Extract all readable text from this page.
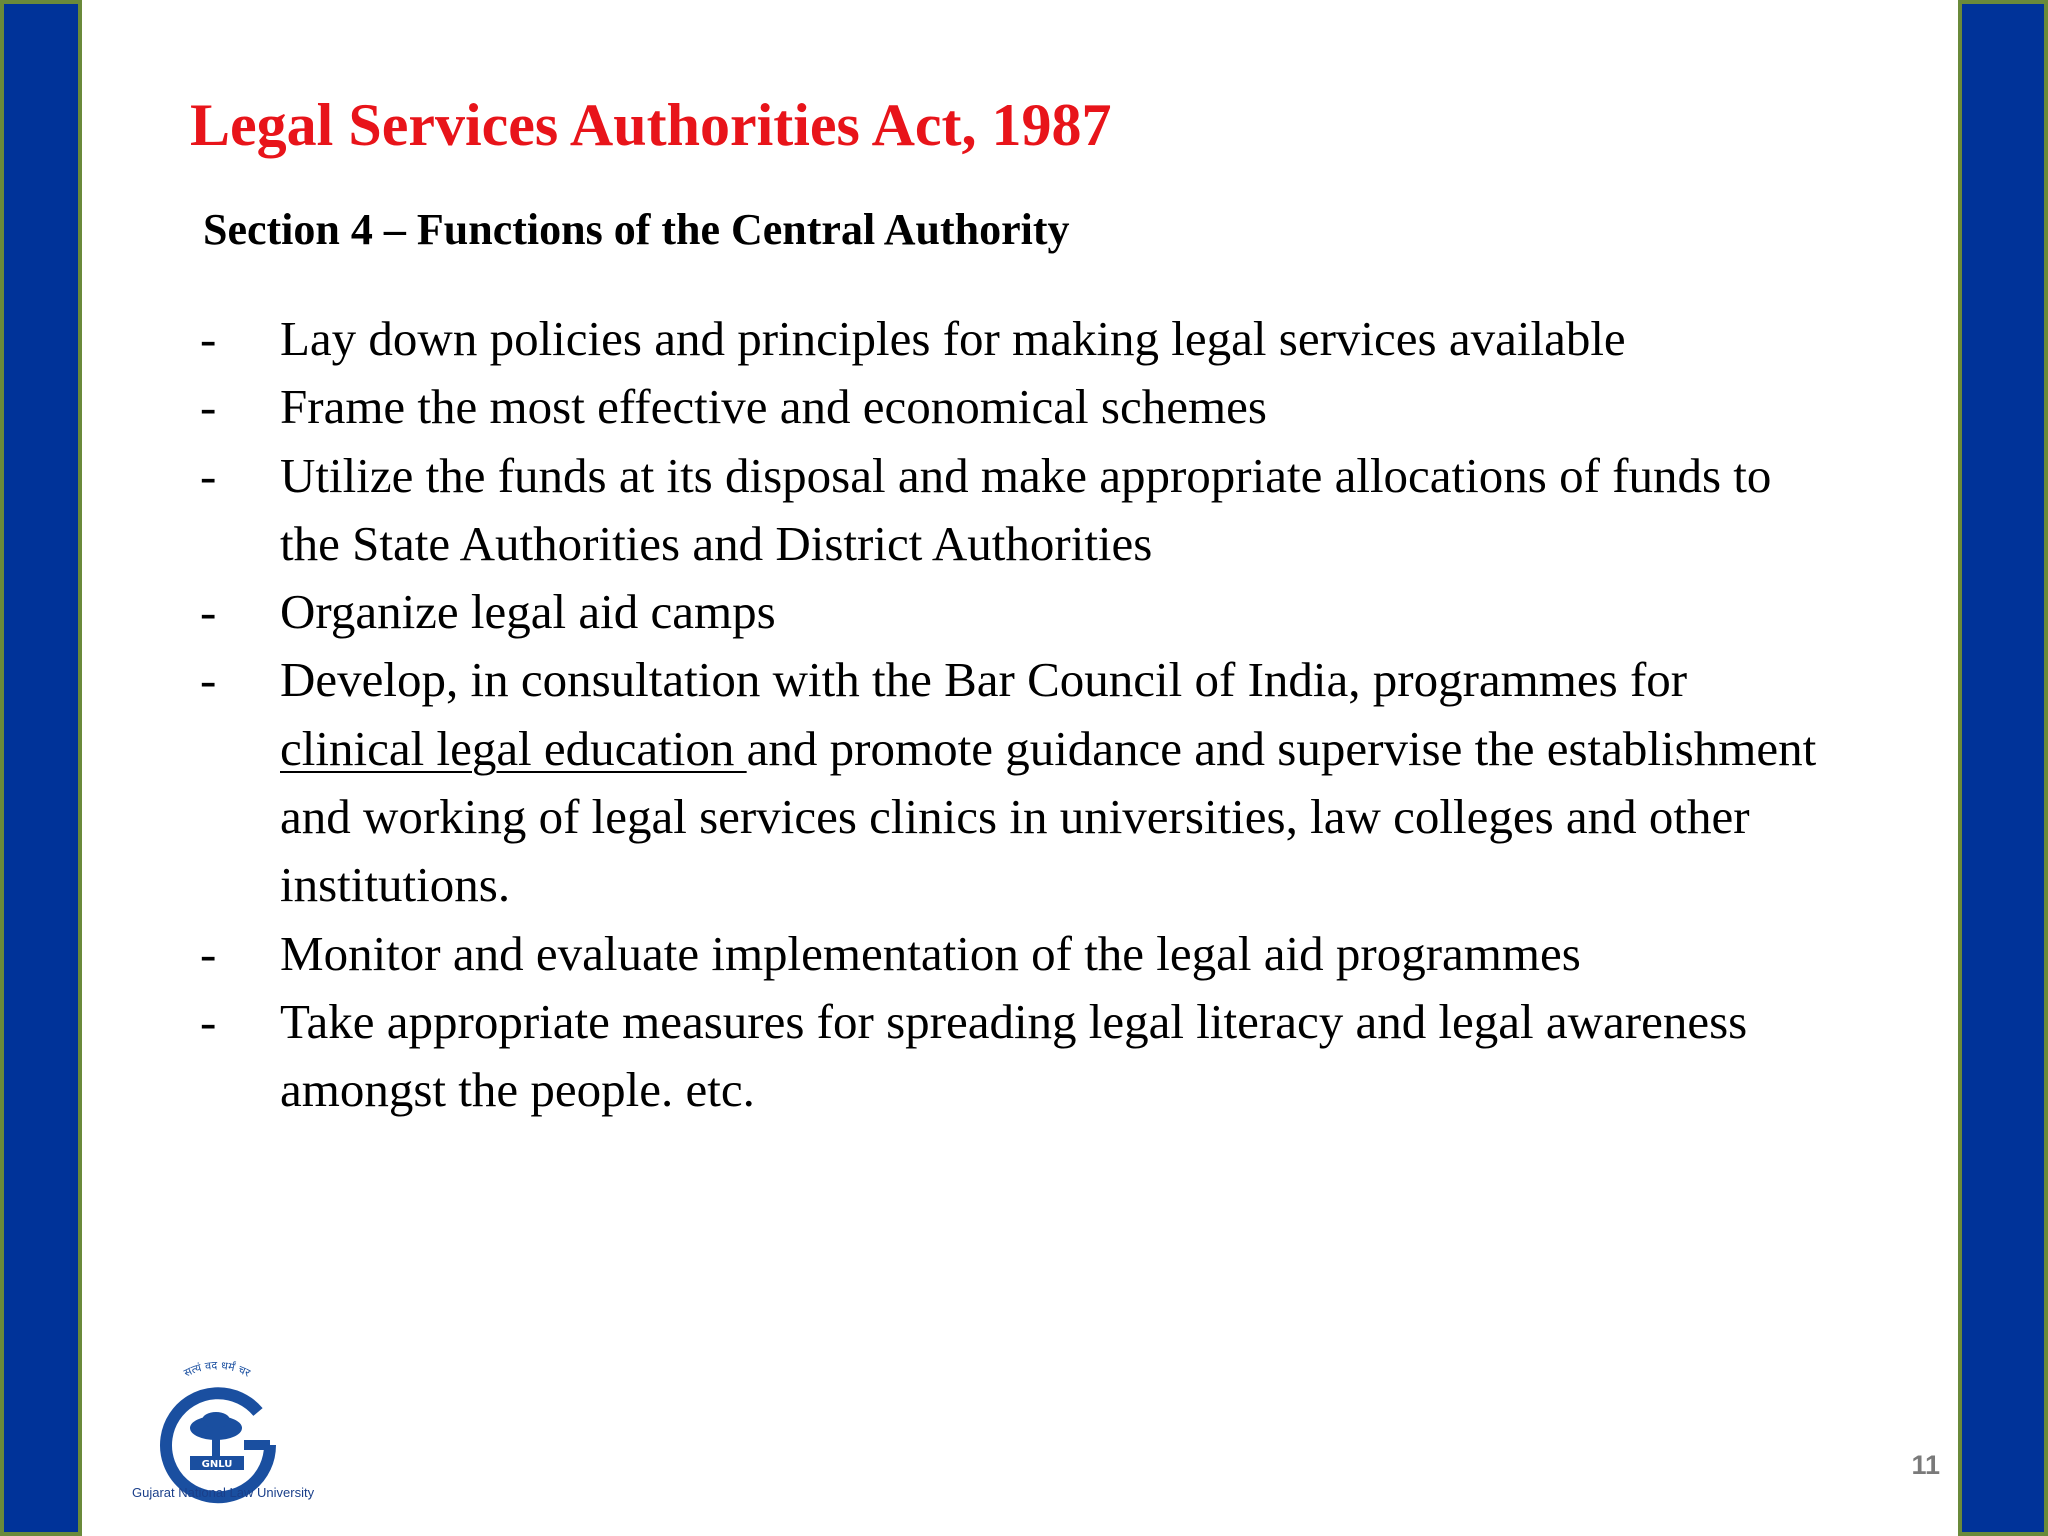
Legal Services Authorities Act, 1987
Section 4 – Functions of the Central Authority
- Lay down policies and principles for making legal services available
- Frame the most effective and economical schemes
- Utilize the funds at its disposal and make appropriate allocations of funds to the State Authorities and District Authorities
- Organize legal aid camps
- Develop, in consultation with the Bar Council of India, programmes for clinical legal education and promote guidance and supervise the establishment and working of legal services clinics in universities, law colleges and other institutions.
- Monitor and evaluate implementation of the legal aid programmes
- Take appropriate measures for spreading legal literacy and legal awareness amongst the people. etc.
सत्यं वद धर्मं चर
GNLU
Gujarat National Law University
11
